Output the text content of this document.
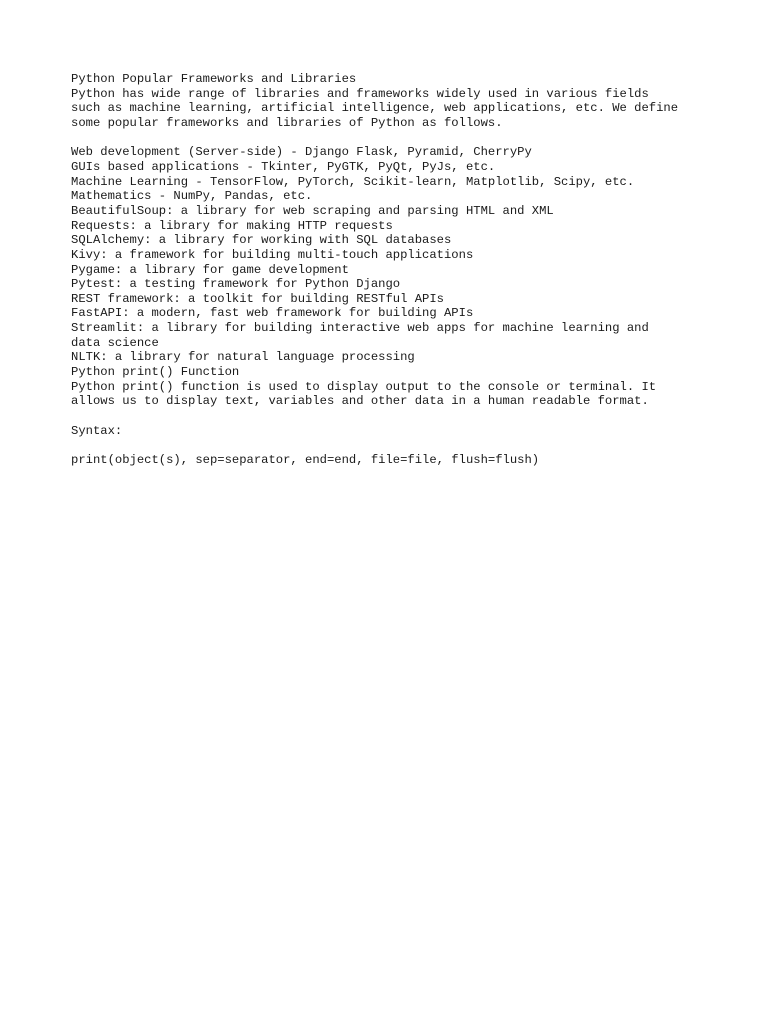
Python Popular Frameworks and Libraries
Python has wide range of libraries and frameworks widely used in various fields
such as machine learning, artificial intelligence, web applications, etc. We define
some popular frameworks and libraries of Python as follows.
Web development (Server-side) - Django Flask, Pyramid, CherryPy
GUIs based applications - Tkinter, PyGTK, PyQt, PyJs, etc.
Machine Learning - TensorFlow, PyTorch, Scikit-learn, Matplotlib, Scipy, etc.
Mathematics - NumPy, Pandas, etc.
BeautifulSoup: a library for web scraping and parsing HTML and XML
Requests: a library for making HTTP requests
SQLAlchemy: a library for working with SQL databases
Kivy: a framework for building multi-touch applications
Pygame: a library for game development
Pytest: a testing framework for Python Django
REST framework: a toolkit for building RESTful APIs
FastAPI: a modern, fast web framework for building APIs
Streamlit: a library for building interactive web apps for machine learning and
data science
NLTK: a library for natural language processing
Python print() Function
Python print() function is used to display output to the console or terminal. It
allows us to display text, variables and other data in a human readable format.
Syntax:
print(object(s), sep=separator, end=end, file=file, flush=flush)
